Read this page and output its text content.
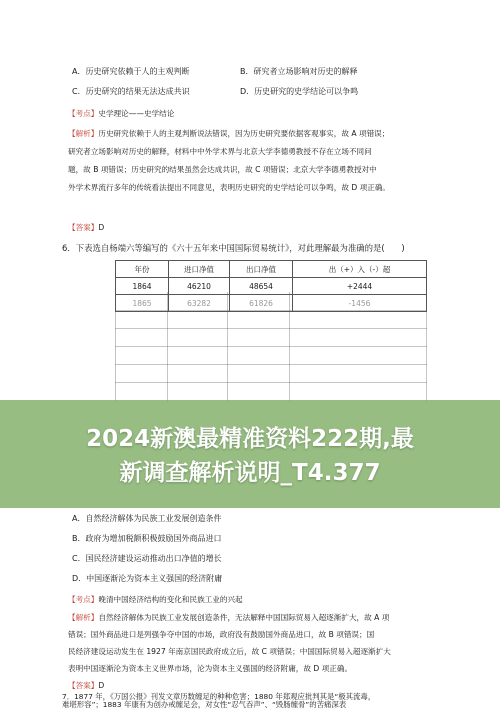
A．历史研究依赖于人的主观判断	B．研究者立场影响对历史的解释
C．历史研究的结果无法达成共识	D．历史研究的史学结论可以争鸣
【考点】史学理论——史学结论
【解析】历史研究依赖于人的主观判断说法错误，因为历史研究要依据客观事实，故 A 项错误；
研究者立场影响对历史的解释，材料中中外学术界与北京大学李德勇教授不存在立场不同问
题，故 B 项错误；历史研究的结果虽然会达成共识，故 C 项错误；北京大学李德勇教授对中
外学术界流行多年的传统看法提出不同意见，表明历史研究的史学结论可以争鸣，故 D 项正确。
【答案】D
6．下表选自杨端六等编写的《六十五年来中国国际贸易统计》，对此理解最为准确的是(　　)
年份	进口净值	出口净值	出（+）入（-）超
1864	46210	48654	+2444
1865	63282	61826	-1456
2024新澳最精准资料222期,最
新调查解析说明_T4.377
A．自然经济解体为民族工业发展创造条件
B．政府为增加税额积极鼓励国外商品进口
C．国民经济建设运动推动出口净值的增长
D．中国逐渐沦为资本主义强国的经济附庸
【考点】晚清中国经济结构的变化和民族工业的兴起
【解析】自然经济解体为民族工业发展创造条件，无法解释中国国际贸易入超逐渐扩大，故 A 项
错误；国外商品进口是列强争夺中国的市场，政府没有鼓励国外商品进口，故 B 项错误；国
民经济建设运动发生在 1927 年南京国民政府成立后，故 C 项错误；中国国际贸易入超逐渐扩大
表明中国逐渐沦为资本主义世界市场，沦为资本主义强国的经济附庸，故 D 项正确。
【答案】D
7．1877 年，《万国公报》刊发文章历数缠足的种种危害；1880 年郑观应批判其是“极其流毒，
难堪形容”；1883 年康有为创办戒缠足会，对女性“忍气吞声”、“毁肠缠骨”的苦痛深表
